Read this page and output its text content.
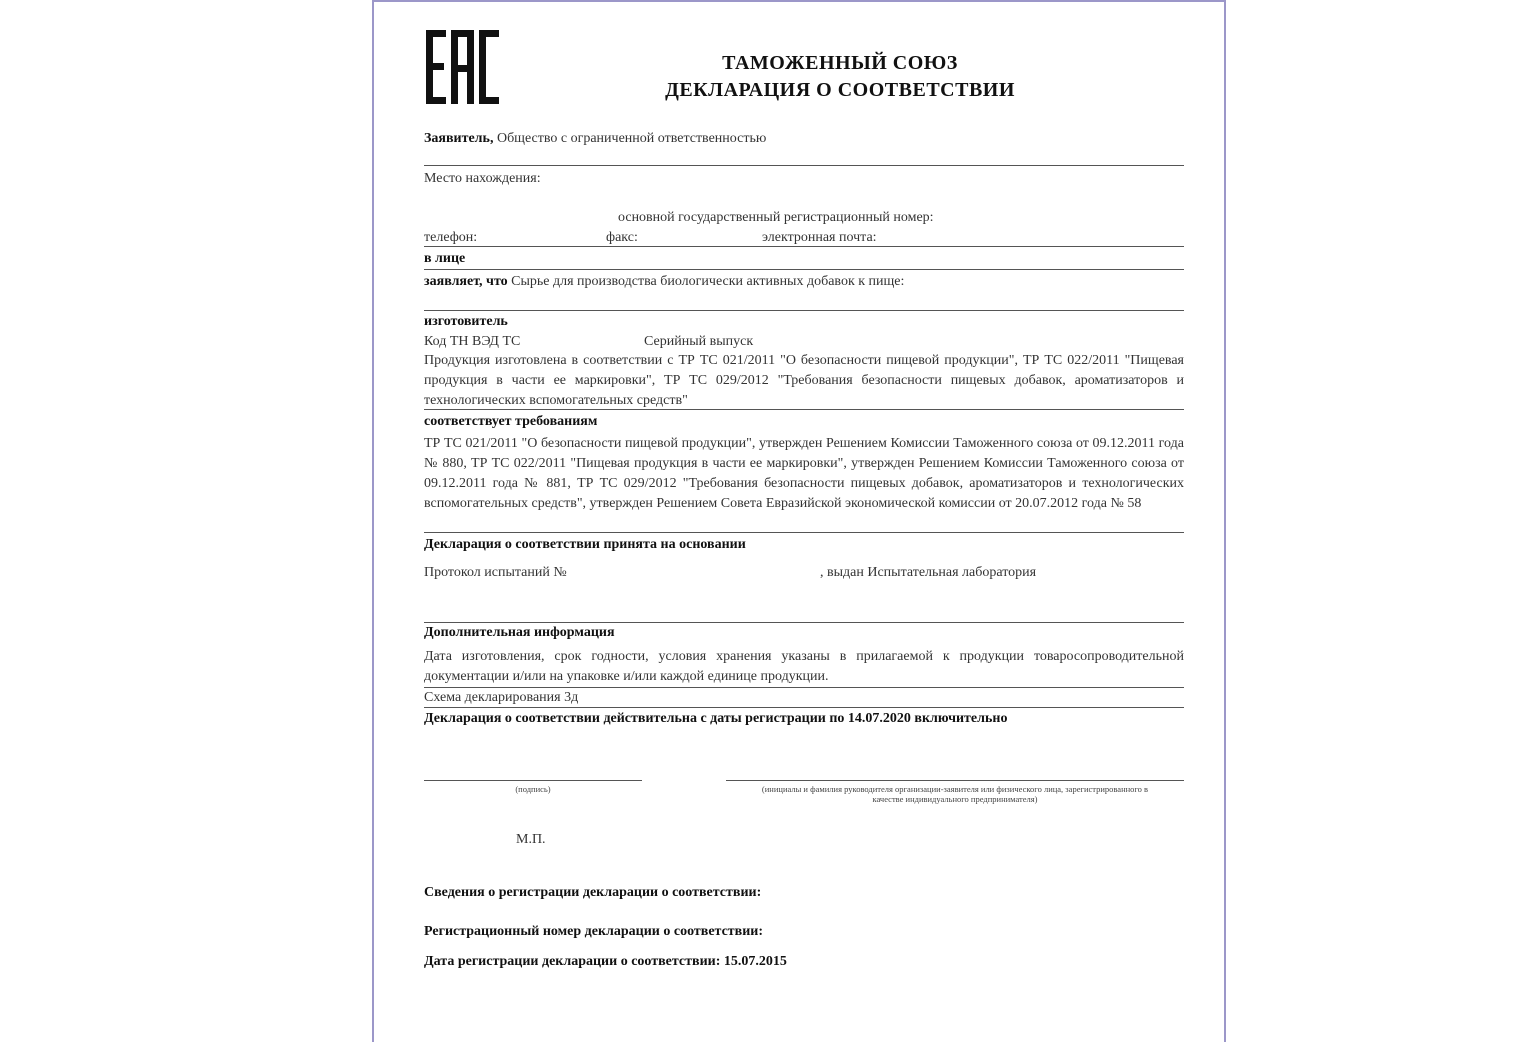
ТАМОЖЕННЫЙ СОЮЗ
ДЕКЛАРАЦИЯ О СООТВЕТСТВИИ
Заявитель, Общество с ограниченной ответственностью
Место нахождения:
основной государственный регистрационный номер:
телефон:	факс:	электронная почта:
в лице
заявляет, что Сырье для производства биологически активных добавок к пище:
изготовитель
Код ТН ВЭД ТС	Серийный выпуск
Продукция изготовлена в соответствии с ТР ТС 021/2011 "О безопасности пищевой продукции", ТР ТС 022/2011 "Пищевая продукция в части ее маркировки", ТР ТС 029/2012 "Требования безопасности пищевых добавок, ароматизаторов и технологических вспомогательных средств"
соответствует требованиям
ТР ТС 021/2011 "О безопасности пищевой продукции", утвержден Решением Комиссии Таможенного союза от 09.12.2011 года № 880, ТР ТС 022/2011 "Пищевая продукция в части ее маркировки", утвержден Решением Комиссии Таможенного союза от 09.12.2011 года № 881, ТР ТС 029/2012 "Требования безопасности пищевых добавок, ароматизаторов и технологических вспомогательных средств", утвержден Решением Совета Евразийской экономической комиссии от 20.07.2012 года № 58
Декларация о соответствии принята на основании
Протокол испытаний №	, выдан Испытательная лаборатория
Дополнительная информация
Дата изготовления, срок годности, условия хранения указаны в прилагаемой к продукции товаросопроводительной документации и/или на упаковке и/или каждой единице продукции.
Схема декларирования 3д
Декларация о соответствии действительна с даты регистрации по 14.07.2020 включительно
(подпись)	(инициалы и фамилия руководителя организации-заявителя или физического лица, зарегистрированного в качестве индивидуального предпринимателя)
М.П.
Сведения о регистрации декларации о соответствии:
Регистрационный номер декларации о соответствии:
Дата регистрации декларации о соответствии: 15.07.2015
